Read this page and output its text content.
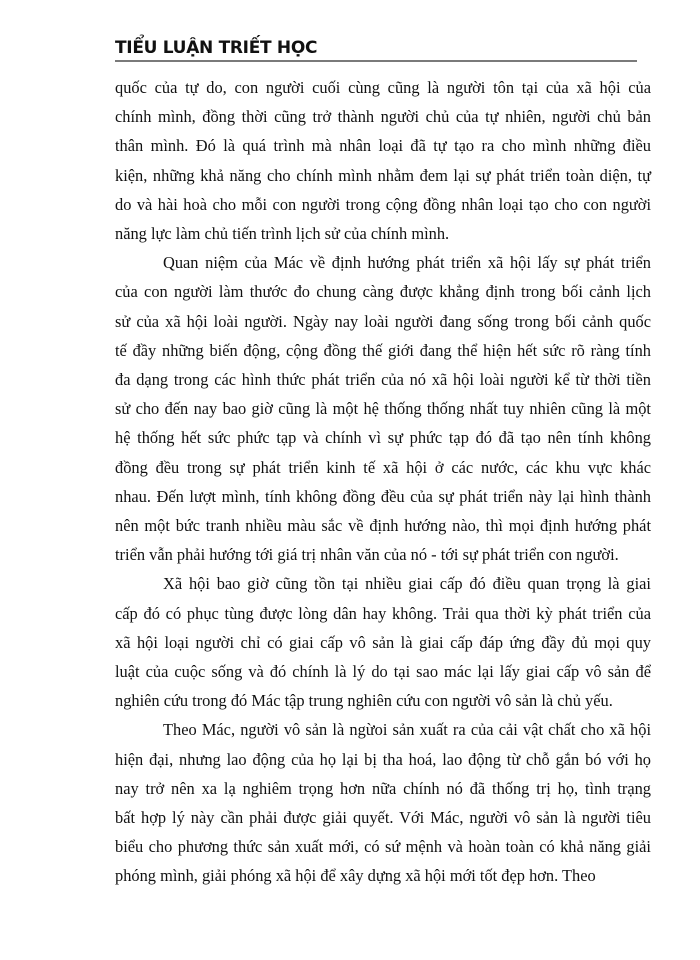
TIỂU LUẬN TRIẾT HỌC
quốc của tự do, con người cuối cùng cũng là người tôn tại của xã hội của
chính mình, đồng thời cũng trở thành người chủ của tự nhiên, người chủ bản
thân mình. Đó là quá trình mà nhân loại đã tự tạo ra cho mình những điều
kiện, những khả năng cho chính mình nhằm đem lại sự phát triển toàn diện, tự
do và hài hoà cho mỗi con người trong cộng đồng nhân loại tạo cho con người
năng lực làm chủ tiến trình lịch sử của chính mình.
Quan niệm của Mác về định hướng phát triển xã hội lấy sự phát triển
của con người làm thước đo chung càng được khẳng định trong bối cảnh lịch
sử của xã hội loài người. Ngày nay loài người đang sống trong bối cảnh quốc
tế đầy những biến động, cộng đồng thế giới đang thể hiện hết sức rõ ràng tính
đa dạng trong các hình thức phát triển của nó xã hội loài người kể từ thời tiền
sử cho đến nay bao giờ cũng là một hệ thống thống nhất tuy nhiên cũng là một
hệ thống hết sức phức tạp và chính vì sự phức tạp đó đã tạo nên tính không
đồng đều trong sự phát triển kinh tế xã hội ở các nước, các khu vực khác
nhau. Đến lượt mình, tính không đồng đều của sự phát triển này lại hình thành
nên một bức tranh nhiều màu sắc về định hướng nào, thì mọi định hướng phát
triển vẫn phải hướng tới giá trị nhân văn của nó - tới sự phát triển con người.
Xã hội bao giờ cũng tồn tại nhiều giai cấp đó điều quan trọng là giai
cấp đó có phục tùng được lòng dân hay không. Trải qua thời kỳ phát triển của
xã hội loại người chỉ có giai cấp vô sản là giai cấp đáp ứng đầy đủ mọi quy
luật của cuộc sống và đó chính là lý do tại sao mác lại lấy giai cấp vô sản để
nghiên cứu trong đó Mác tập trung nghiên cứu con người vô sản là chủ yếu.
Theo Mác, người vô sản là ngừoi sản xuất ra của cải vật chất cho xã hội
hiện đại, nhưng lao động của họ lại bị tha hoá, lao động từ chỗ gắn bó với họ
nay trở nên xa lạ nghiêm trọng hơn nữa chính nó đã thống trị họ, tình trạng
bất hợp lý này cần phải được giải quyết. Với Mác, người vô sản là người tiêu
biểu cho phương thức sản xuất mới, có sứ mệnh và hoàn toàn có khả năng giải
phóng mình, giải phóng xã hội để xây dựng xã hội mới tốt đẹp hơn. Theo
